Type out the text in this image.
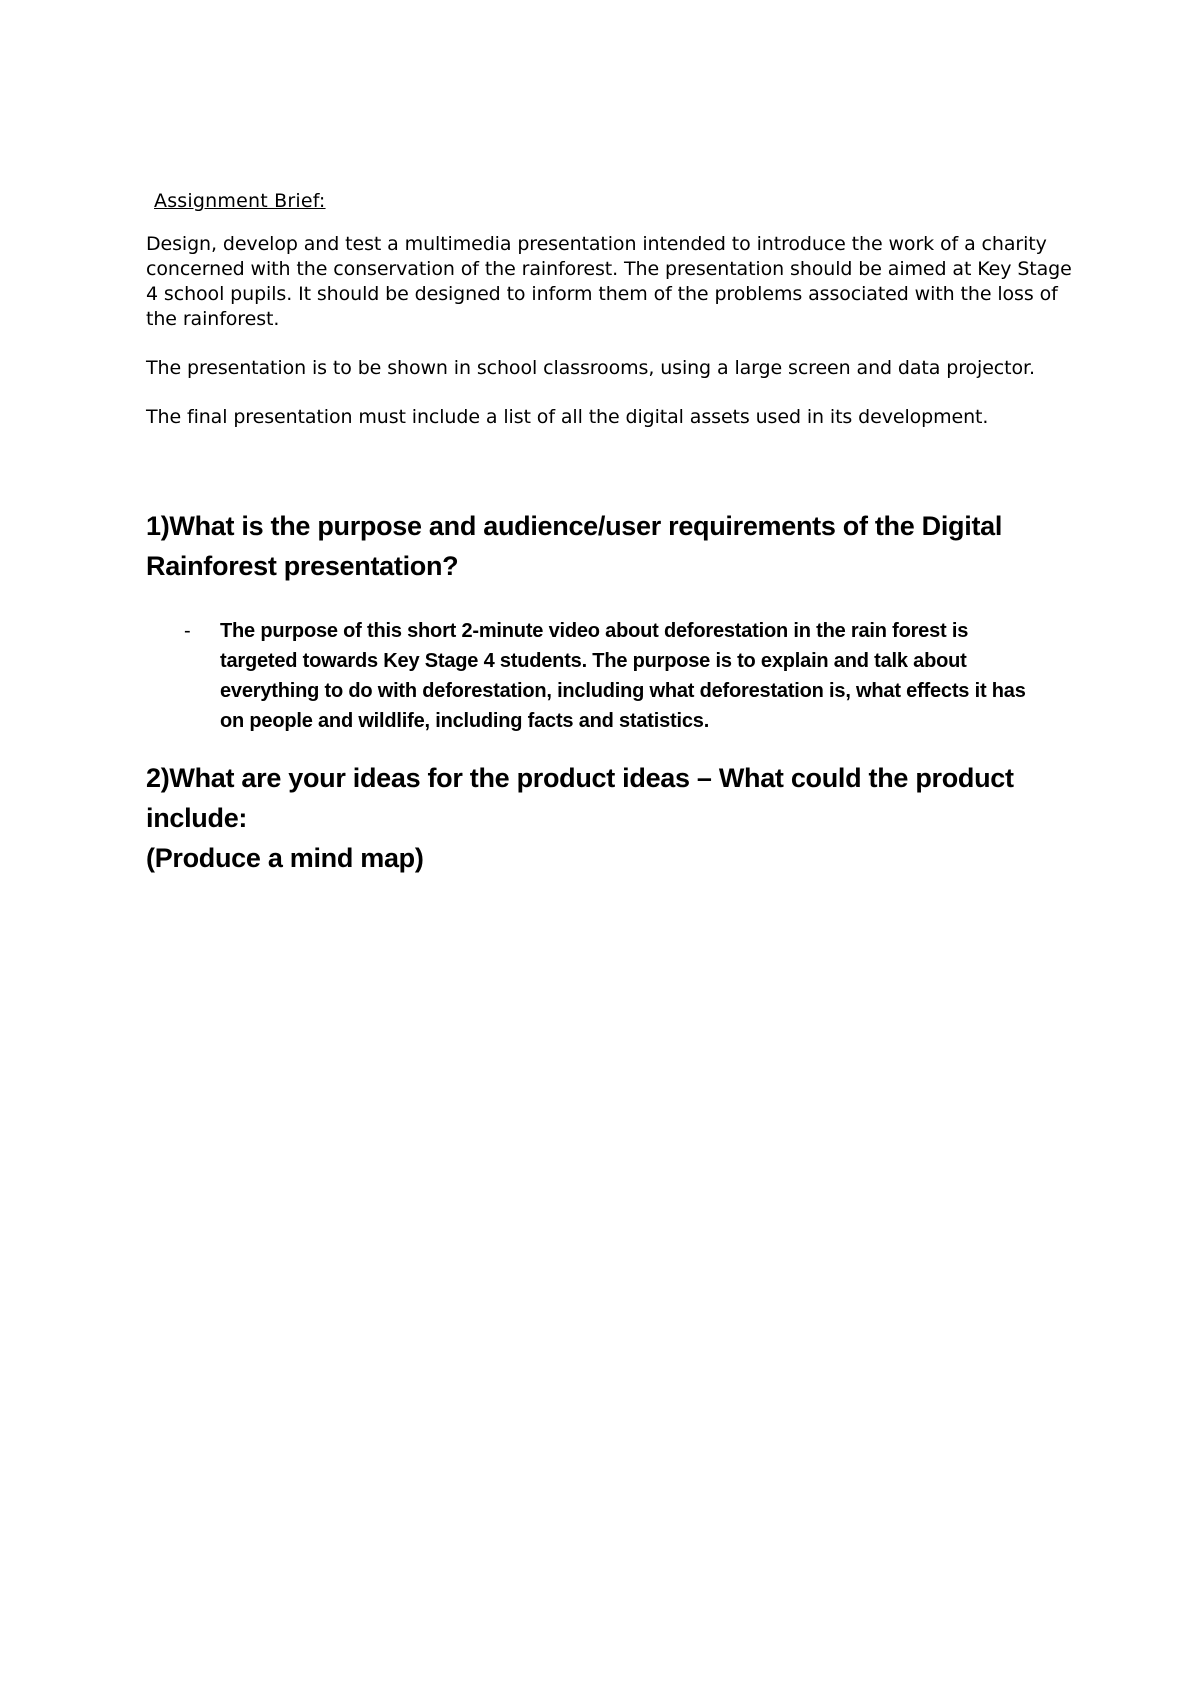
Assignment Brief:

Design, develop and test a multimedia presentation intended to introduce the work of a charity concerned with the conservation of the rainforest. The presentation should be aimed at Key Stage 4 school pupils. It should be designed to inform them of the problems associated with the loss of the rainforest.

The presentation is to be shown in school classrooms, using a large screen and data projector.

The final presentation must include a list of all the digital assets used in its development.

1)What is the purpose and audience/user requirements of the Digital Rainforest presentation?
-	The purpose of this short 2-minute video about deforestation in the rain forest is targeted towards Key Stage 4 students. The purpose is to explain and talk about everything to do with deforestation, including what deforestation is, what effects it has on people and wildlife, including facts and statistics.
2)What are your ideas for the product ideas – What could the product include:
(Produce a mind map)
